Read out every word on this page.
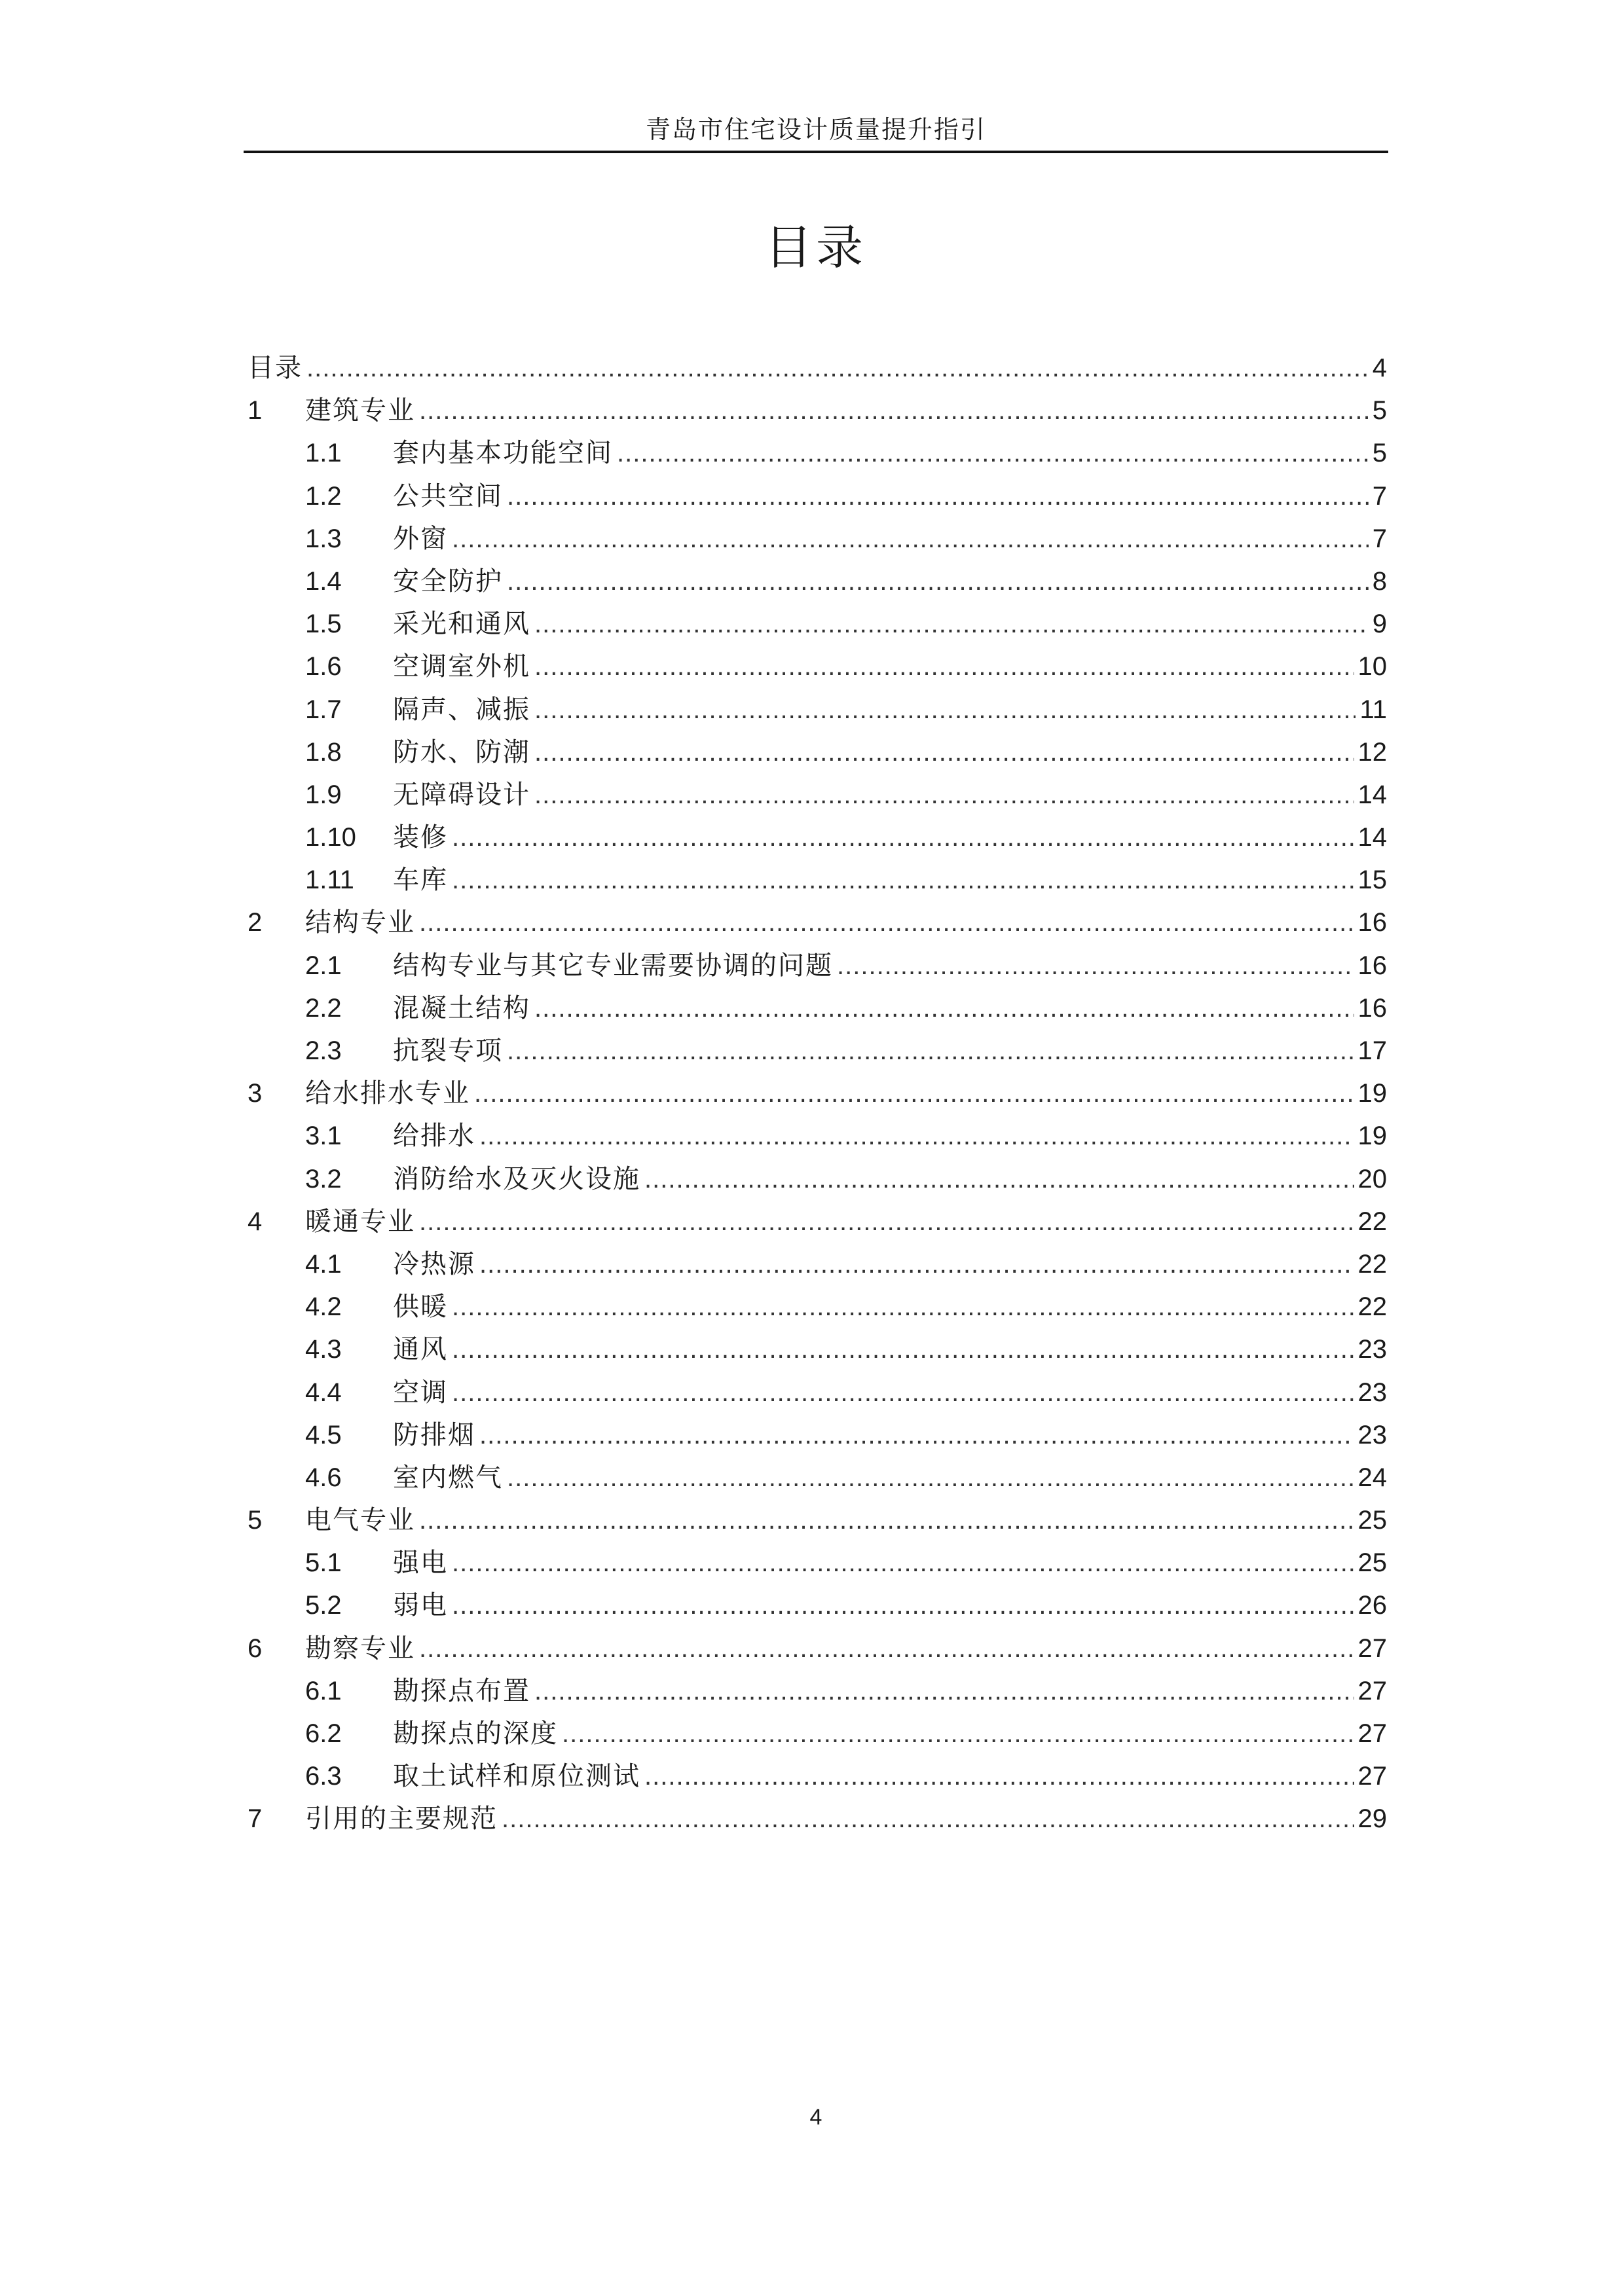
青岛市住宅设计质量提升指引
目录
目录 .....	4
1	建筑专业 .....	5
1.1	套内基本功能空间 .....	5
1.2	公共空间 .....	7
1.3	外窗 .....	7
1.4	安全防护 .....	8
1.5	采光和通风 .....	9
1.6	空调室外机 .....	10
1.7	隔声、减振 .....	11
1.8	防水、防潮 .....	12
1.9	无障碍设计 .....	14
1.10	装修 .....	14
1.11	车库 .....	15
2	结构专业 .....	16
2.1	结构专业与其它专业需要协调的问题 .....	16
2.2	混凝土结构 .....	16
2.3	抗裂专项 .....	17
3	给水排水专业 .....	19
3.1	给排水 .....	19
3.2	消防给水及灭火设施 .....	20
4	暖通专业 .....	22
4.1	冷热源 .....	22
4.2	供暖 .....	22
4.3	通风 .....	23
4.4	空调 .....	23
4.5	防排烟 .....	23
4.6	室内燃气 .....	24
5	电气专业 .....	25
5.1	强电 .....	25
5.2	弱电 .....	26
6	勘察专业 .....	27
6.1	勘探点布置 .....	27
6.2	勘探点的深度 .....	27
6.3	取土试样和原位测试 .....	27
7	引用的主要规范 .....	29
4
